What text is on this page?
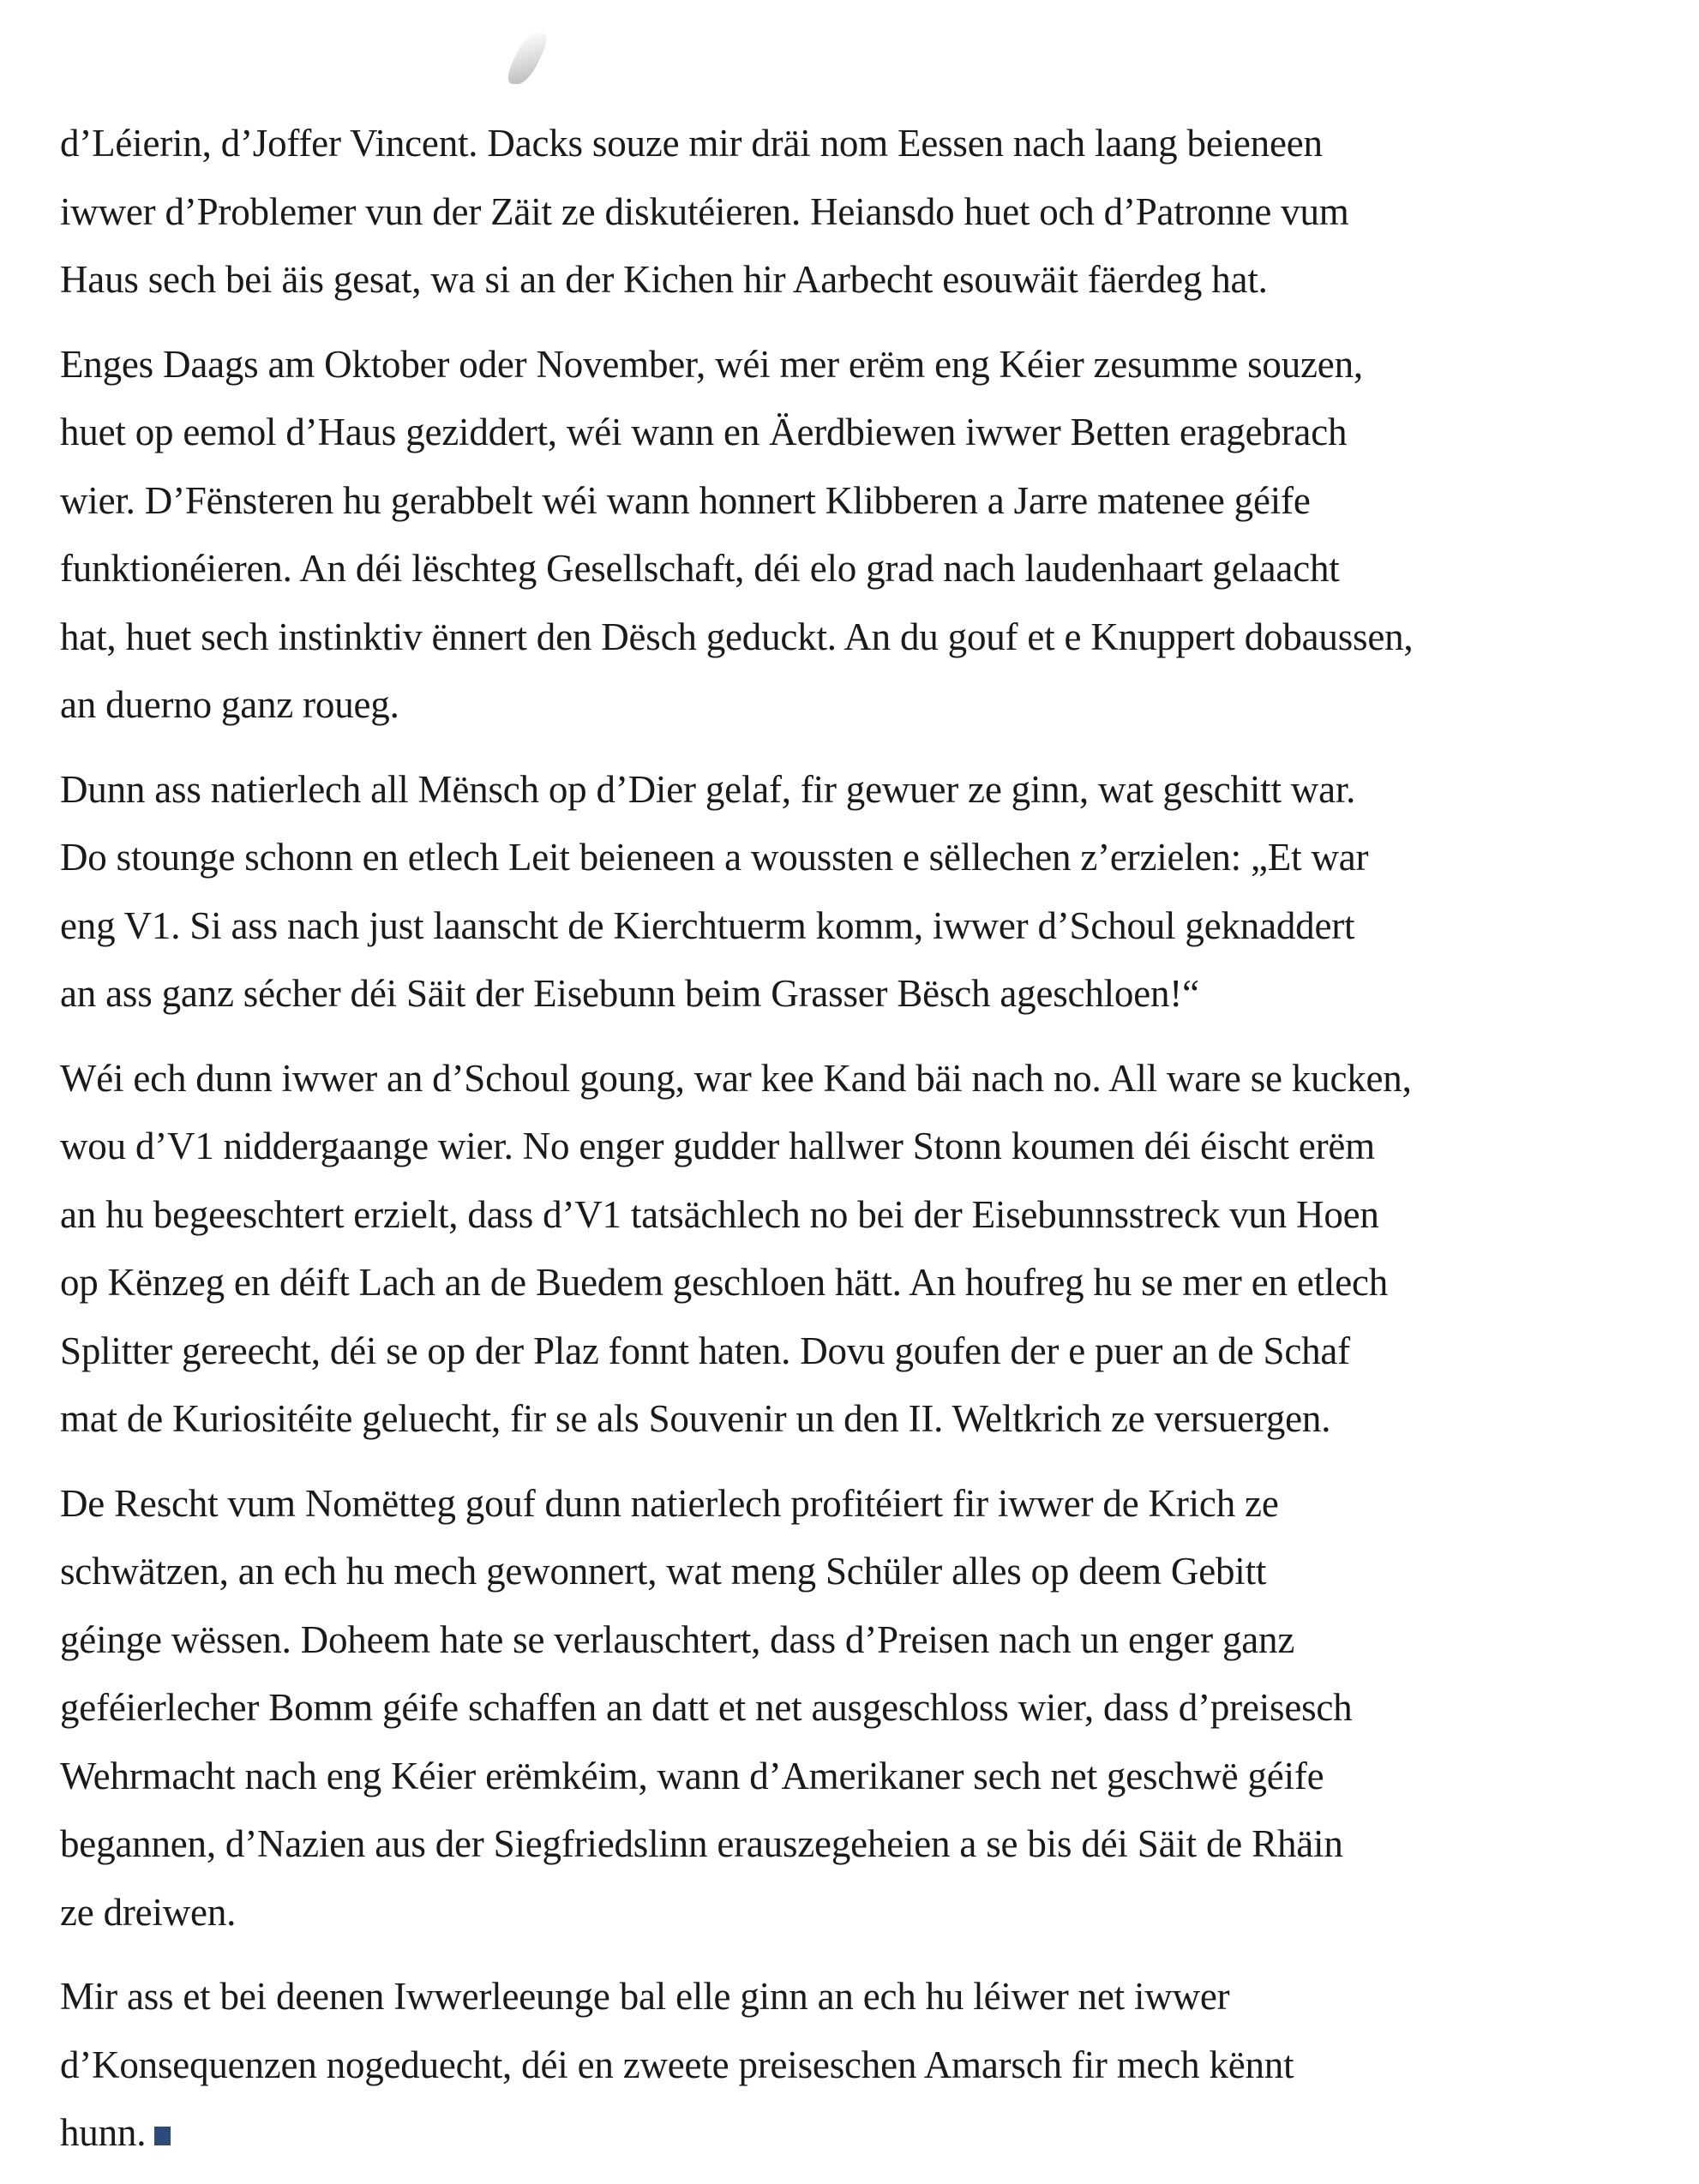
d’Léierin, d’Joffer Vincent. Dacks souze mir dräi nom Eessen nach laang beieneen
iwwer d’Problemer vun der Zäit ze diskutéieren. Heiansdo huet och d’Patronne vum
Haus sech bei äis gesat, wa si an der Kichen hir Aarbecht esouwäit fäerdeg hat.

Enges Daags am Oktober oder November, wéi mer erëm eng Kéier zesumme souzen,
huet op eemol d’Haus geziddert, wéi wann en Äerdbiewen iwwer Betten eragebrach
wier. D’Fënsteren hu gerabbelt wéi wann honnert Klibberen a Jarre matenee géife
funktionéieren. An déi lëschteg Gesellschaft, déi elo grad nach laudenhaart gelaacht
hat, huet sech instinktiv ënnert den Dësch geduckt. An du gouf et e Knuppert dobaussen,
an duerno ganz roueg.

Dunn ass natierlech all Mënsch op d’Dier gelaf, fir gewuer ze ginn, wat geschitt war.
Do stounge schonn en etlech Leit beieneen a woussten e sëllechen z’erzielen: „Et war
eng V1. Si ass nach just laanscht de Kierchtuerm komm, iwwer d’Schoul geknaddert
an ass ganz sécher déi Säit der Eisebunn beim Grasser Bësch ageschloen!“

Wéi ech dunn iwwer an d’Schoul goung, war kee Kand bäi nach no. All ware se kucken,
wou d’V1 niddergaange wier. No enger gudder hallwer Stonn koumen déi éischt erëm
an hu begeeschtert erzielt, dass d’V1 tatsächlech no bei der Eisebunnsstreck vun Hoen
op Kënzeg en déift Lach an de Buedem geschloen hätt. An houfreg hu se mer en etlech
Splitter gereecht, déi se op der Plaz fonnt haten. Dovu goufen der e puer an de Schaf
mat de Kuriositéite geluecht, fir se als Souvenir un den II. Weltkrich ze versuergen.

De Rescht vum Nomëtteg gouf dunn natierlech profitéiert fir iwwer de Krich ze
schwätzen, an ech hu mech gewonnert, wat meng Schüler alles op deem Gebitt
géinge wëssen. Doheem hate se verlauschtert, dass d’Preisen nach un enger ganz
geféierlecher Bomm géife schaffen an datt et net ausgeschloss wier, dass d’preisesch
Wehrmacht nach eng Kéier erëmkéim, wann d’Amerikaner sech net geschwë géife
begannen, d’Nazien aus der Siegfriedslinn erauszegeheien a se bis déi Säit de Rhäin
ze dreiwen.

Mir ass et bei deenen Iwwerleeunge bal elle ginn an ech hu léiwer net iwwer
d’Konsequenzen nogeduecht, déi en zweete preiseschen Amarsch fir mech kënnt
hunn.
